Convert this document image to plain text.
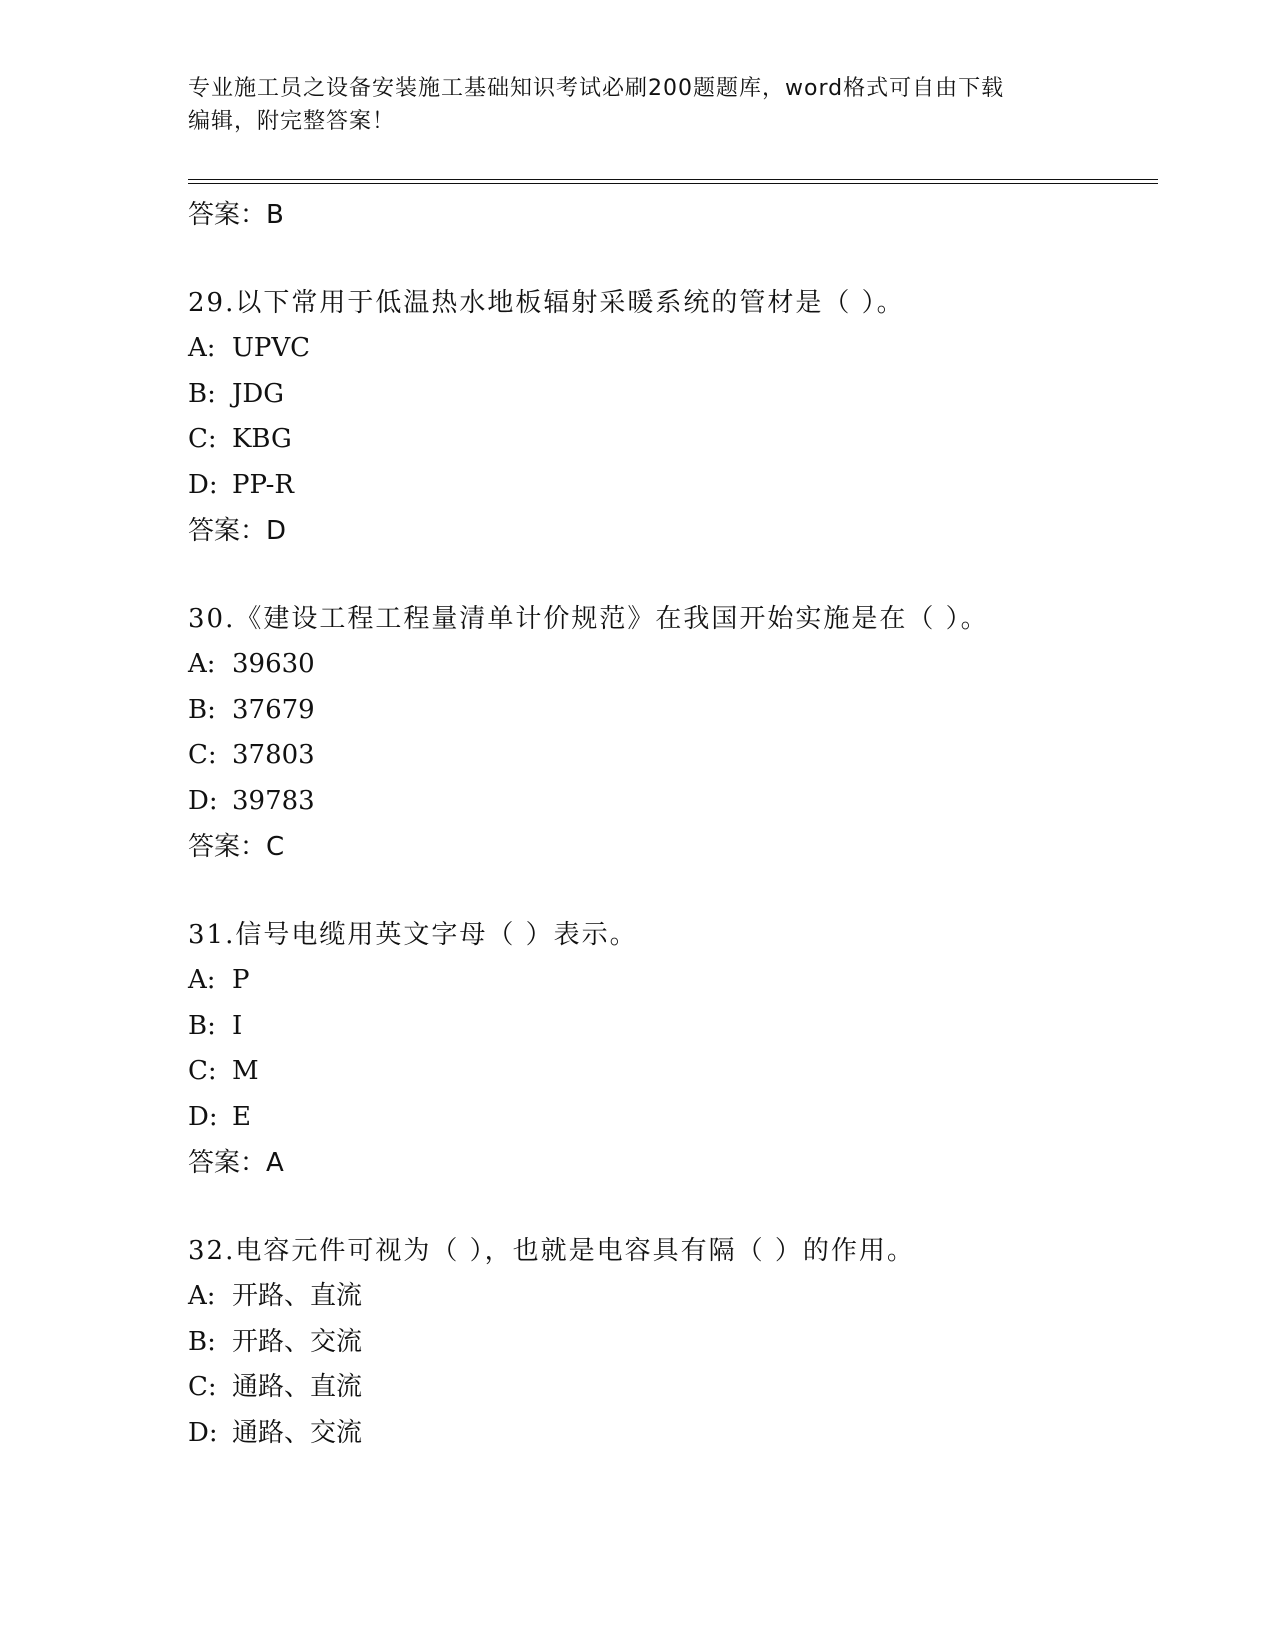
专业施工员之设备安装施工基础知识考试必刷200题题库，word格式可自由下载
编辑，附完整答案！
答案：B
29.以下常用于低温热水地板辐射采暖系统的管材是（ ）。
A: UPVC
B: JDG
C: KBG
D: PP-R
答案：D
30.《建设工程工程量清单计价规范》在我国开始实施是在（ ）。
A: 39630
B: 37679
C: 37803
D: 39783
答案：C
31.信号电缆用英文字母（ ）表示。
A: P
B: I
C: M
D: E
答案：A
32.电容元件可视为（ ），也就是电容具有隔（ ）的作用。
A: 开路、直流
B: 开路、交流
C: 通路、直流
D: 通路、交流
